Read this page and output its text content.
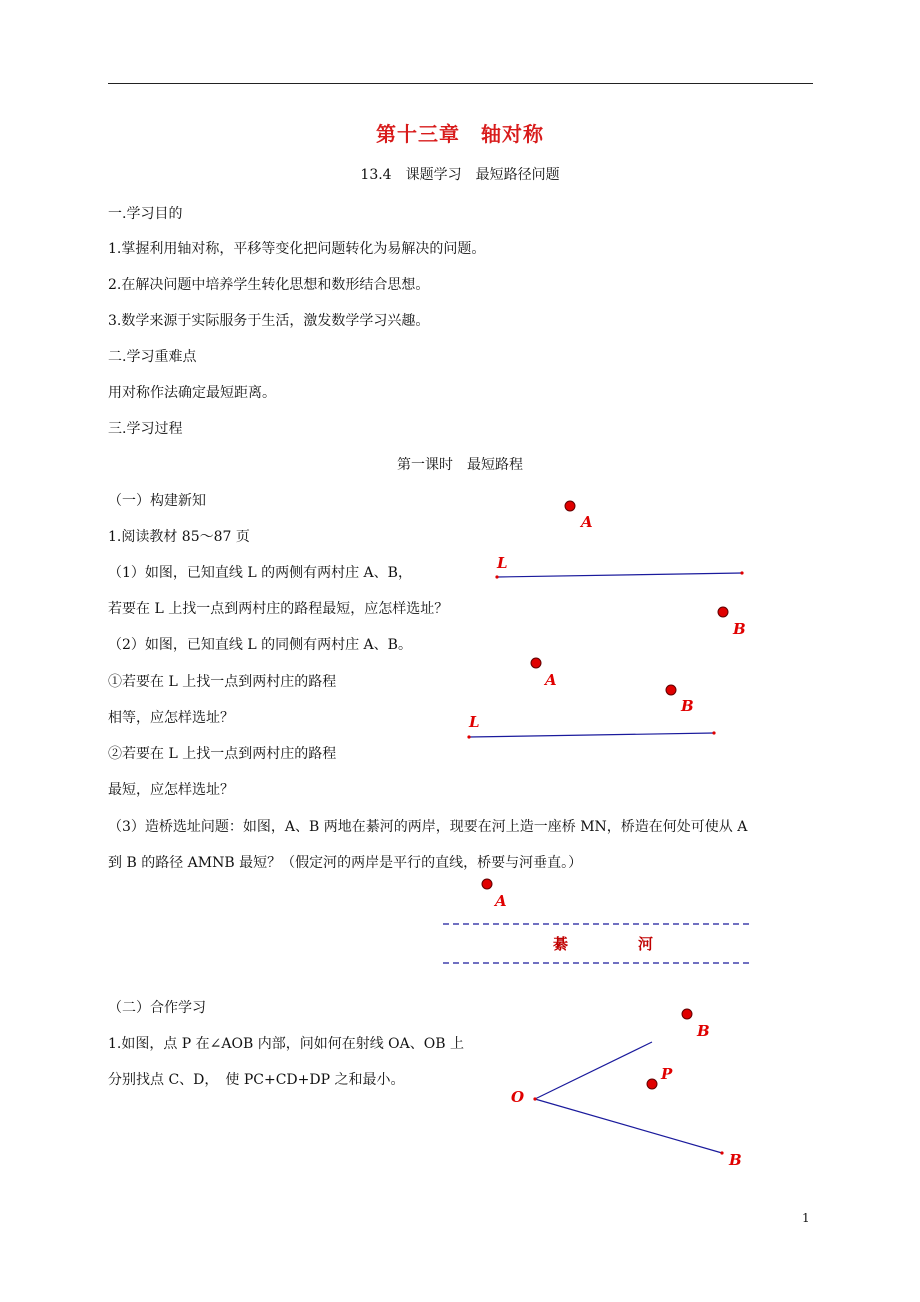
第十三章　轴对称
13.4　课题学习　最短路径问题
一.学习目的
1.掌握利用轴对称，平移等变化把问题转化为易解决的问题。
2.在解决问题中培养学生转化思想和数形结合思想。
3.数学来源于实际服务于生活，激发数学学习兴趣。
二.学习重难点
用对称作法确定最短距离。
三.学习过程
第一课时　最短路程
（一）构建新知
1.阅读教材 85～87 页
（1）如图，已知直线 L 的两侧有两村庄 A、B，
若要在 L 上找一点到两村庄的路程最短，应怎样选址？
（2）如图，已知直线 L 的同侧有两村庄 A、B。
①若要在 L 上找一点到两村庄的路程
相等，应怎样选址？
②若要在 L 上找一点到两村庄的路程
最短，应怎样选址？
（3）造桥选址问题：如图，A、B 两地在綦河的两岸，现要在河上造一座桥 MN，桥造在何处可使从 A
到 B 的路径 AMNB 最短？（假定河的两岸是平行的直线，桥要与河垂直。）
（二）合作学习
1.如图，点 P 在∠AOB 内部，问如何在射线 OA、OB 上
分别找点 C、D，　使 PC+CD+DP 之和最小。
A
L
B
A
B
L
A
綦	河
B
O
P
B
1
